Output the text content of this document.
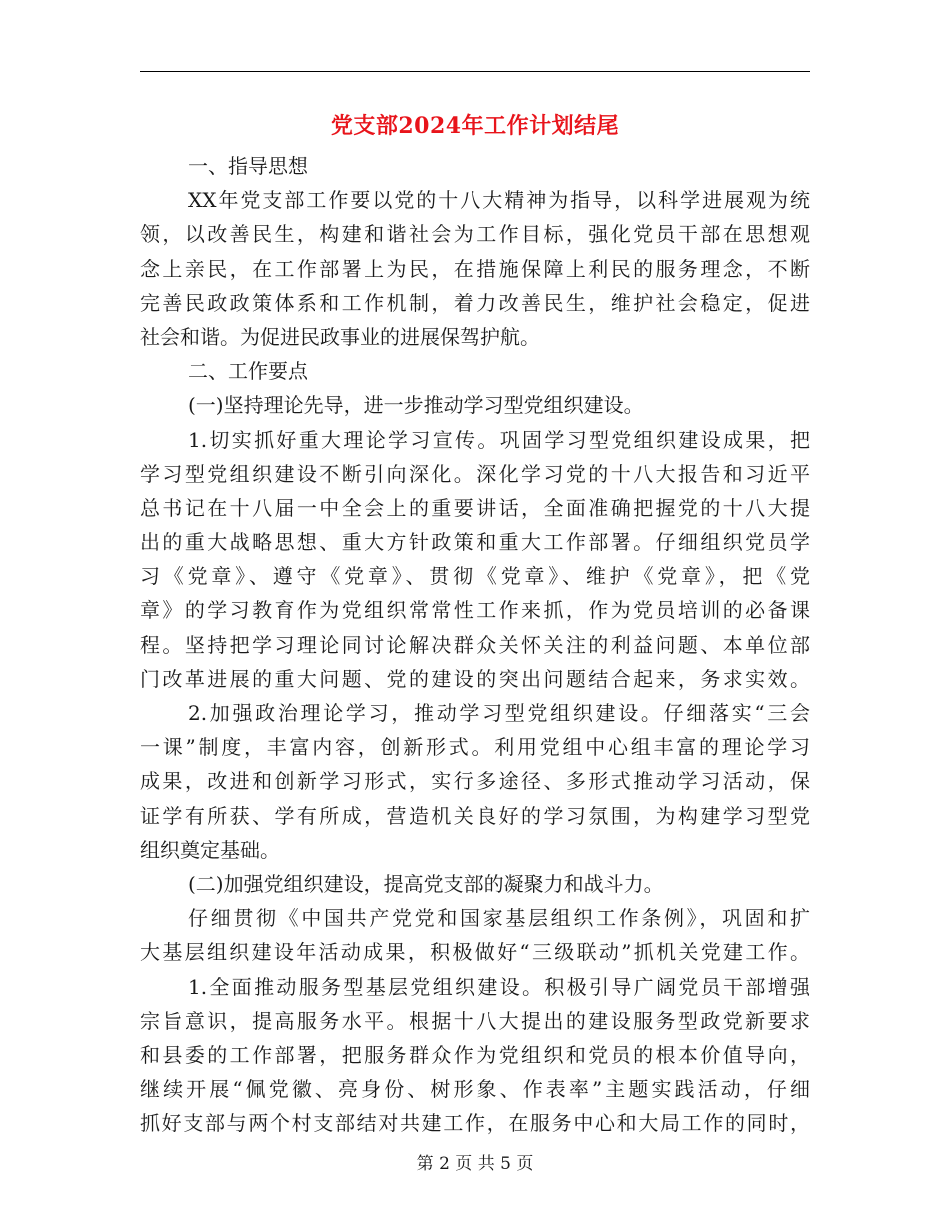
党支部2024年工作计划结尾
一、指导思想
XX年党支部工作要以党的十八大精神为指导，以科学进展观为统
领，以改善民生，构建和谐社会为工作目标，强化党员干部在思想观
念上亲民，在工作部署上为民，在措施保障上利民的服务理念，不断
完善民政政策体系和工作机制，着力改善民生，维护社会稳定，促进
社会和谐。为促进民政事业的进展保驾护航。
二、工作要点
(一)坚持理论先导，进一步推动学习型党组织建设。
1.切实抓好重大理论学习宣传。巩固学习型党组织建设成果，把
学习型党组织建设不断引向深化。深化学习党的十八大报告和习近平
总书记在十八届一中全会上的重要讲话，全面准确把握党的十八大提
出的重大战略思想、重大方针政策和重大工作部署。仔细组织党员学
习《党章》、遵守《党章》、贯彻《党章》、维护《党章》，把《党
章》的学习教育作为党组织常常性工作来抓，作为党员培训的必备课
程。坚持把学习理论同讨论解决群众关怀关注的利益问题、本单位部
门改革进展的重大问题、党的建设的突出问题结合起来，务求实效。
2.加强政治理论学习，推动学习型党组织建设。仔细落实“三会
一课”制度，丰富内容，创新形式。利用党组中心组丰富的理论学习
成果，改进和创新学习形式，实行多途径、多形式推动学习活动，保
证学有所获、学有所成，营造机关良好的学习氛围，为构建学习型党
组织奠定基础。
(二)加强党组织建设，提高党支部的凝聚力和战斗力。
仔细贯彻《中国共产党党和国家基层组织工作条例》，巩固和扩
大基层组织建设年活动成果，积极做好“三级联动”抓机关党建工作。
1.全面推动服务型基层党组织建设。积极引导广阔党员干部增强
宗旨意识，提高服务水平。根据十八大提出的建设服务型政党新要求
和县委的工作部署，把服务群众作为党组织和党员的根本价值导向，
继续开展“佩党徽、亮身份、树形象、作表率”主题实践活动，仔细
抓好支部与两个村支部结对共建工作，在服务中心和大局工作的同时，
第 2 页 共 5 页
